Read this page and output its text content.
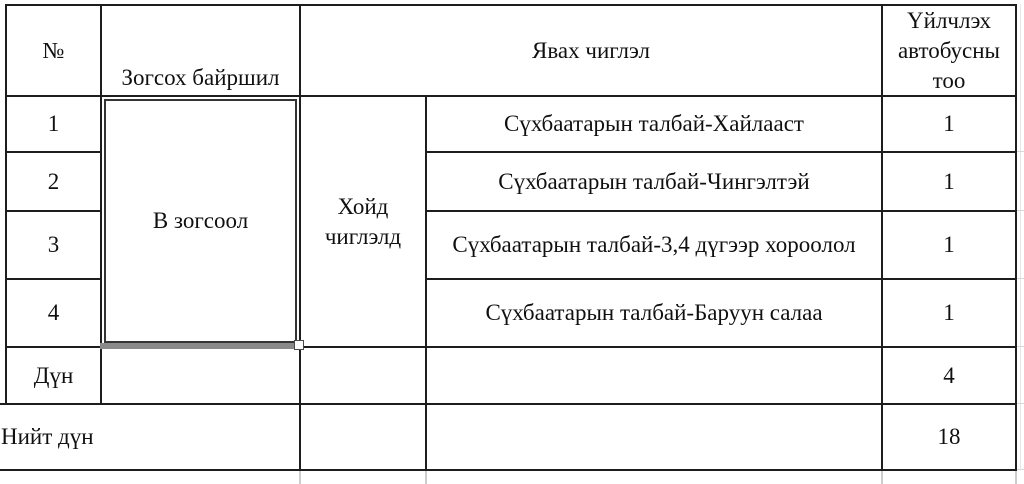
№
Зогсох байршил
Явах чиглэл
Үйлчлэх автобусны тоо
1
2
3
4
В зогсоол
Хойд чиглэлд
Сүхбаатарын талбай-Хайлааст
Сүхбаатарын талбай-Чингэлтэй
Сүхбаатарын талбай-3,4 дүгээр хороолол
Сүхбаатарын талбай-Баруун салаа
1
1
1
1
Дүн	4
Нийт дүн	18
